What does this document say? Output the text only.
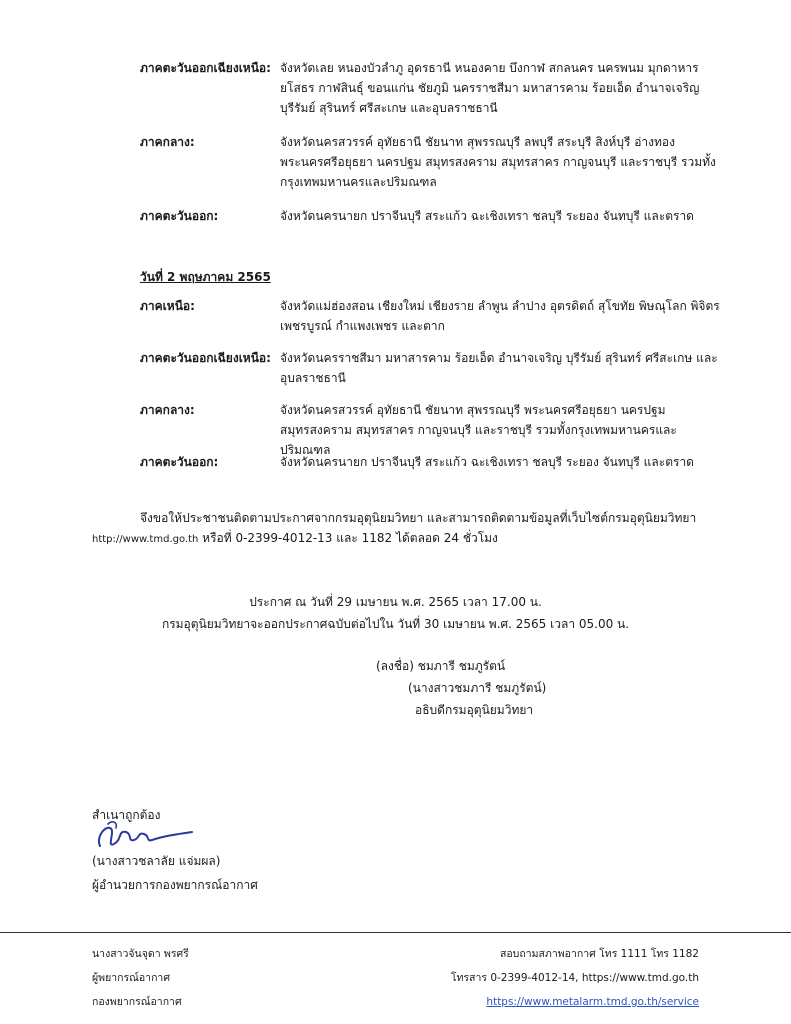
ภาคตะวันออกเฉียงเหนือ: จังหวัดเลย หนองบัวลำภู อุดรธานี หนองคาย บึงกาฬ สกลนคร นครพนม มุกดาหาร ยโสธร กาฬสินธุ์ ขอนแก่น ชัยภูมิ นครราชสีมา มหาสารคาม ร้อยเอ็ด อำนาจเจริญ บุรีรัมย์ สุรินทร์ ศรีสะเกษ และอุบลราชธานี
ภาคกลาง:	จังหวัดนครสวรรค์ อุทัยธานี ชัยนาท สุพรรณบุรี ลพบุรี สระบุรี สิงห์บุรี อ่างทอง พระนครศรีอยุธยา นครปฐม สมุทรสงคราม สมุทรสาคร กาญจนบุรี และราชบุรี รวมทั้งกรุงเทพมหานครและปริมณฑล
ภาคตะวันออก:	จังหวัดนครนายก ปราจีนบุรี สระแก้ว ฉะเชิงเทรา ชลบุรี ระยอง จันทบุรี และตราด
วันที่ 2 พฤษภาคม 2565
ภาคเหนือ:	จังหวัดแม่ฮ่องสอน เชียงใหม่ เชียงราย ลำพูน ลำปาง อุตรดิตถ์ สุโขทัย พิษณุโลก พิจิตร เพชรบูรณ์ กำแพงเพชร และตาก
ภาคตะวันออกเฉียงเหนือ: จังหวัดนครราชสีมา มหาสารคาม ร้อยเอ็ด อำนาจเจริญ บุรีรัมย์ สุรินทร์ ศรีสะเกษ และอุบลราชธานี
ภาคกลาง:	จังหวัดนครสวรรค์ อุทัยธานี ชัยนาท สุพรรณบุรี พระนครศรีอยุธยา นครปฐม สมุทรสงคราม สมุทรสาคร กาญจนบุรี และราชบุรี รวมทั้งกรุงเทพมหานครและปริมณฑล
ภาคตะวันออก:	จังหวัดนครนายก ปราจีนบุรี สระแก้ว ฉะเชิงเทรา ชลบุรี ระยอง จันทบุรี และตราด
จึงขอให้ประชาชนติดตามประกาศจากกรมอุตุนิยมวิทยา และสามารถติดตามข้อมูลที่เว็บไซต์กรมอุตุนิยมวิทยา
http://www.tmd.go.th หรือที่ 0-2399-4012-13 และ 1182 ได้ตลอด 24 ชั่วโมง
ประกาศ ณ วันที่ 29 เมษายน พ.ศ. 2565 เวลา 17.00 น.
กรมอุตุนิยมวิทยาจะออกประกาศฉบับต่อไปใน วันที่ 30 เมษายน พ.ศ. 2565 เวลา 05.00 น.
(ลงชื่อ) ชมภารี ชมภูรัตน์
(นางสาวชมภารี ชมภูรัตน์)
อธิบดีกรมอุตุนิยมวิทยา
สำเนาถูกต้อง
(นางสาวชลาลัย แจ่มผล)
ผู้อำนวยการกองพยากรณ์อากาศ
นางสาวจันจุดา พรศรี
ผู้พยากรณ์อากาศ
กองพยากรณ์อากาศ
สอบถามสภาพอากาศ โทร 1111 โทร 1182
โทรสาร 0-2399-4012-14, https://www.tmd.go.th
https://www.metalarm.tmd.go.th/service
